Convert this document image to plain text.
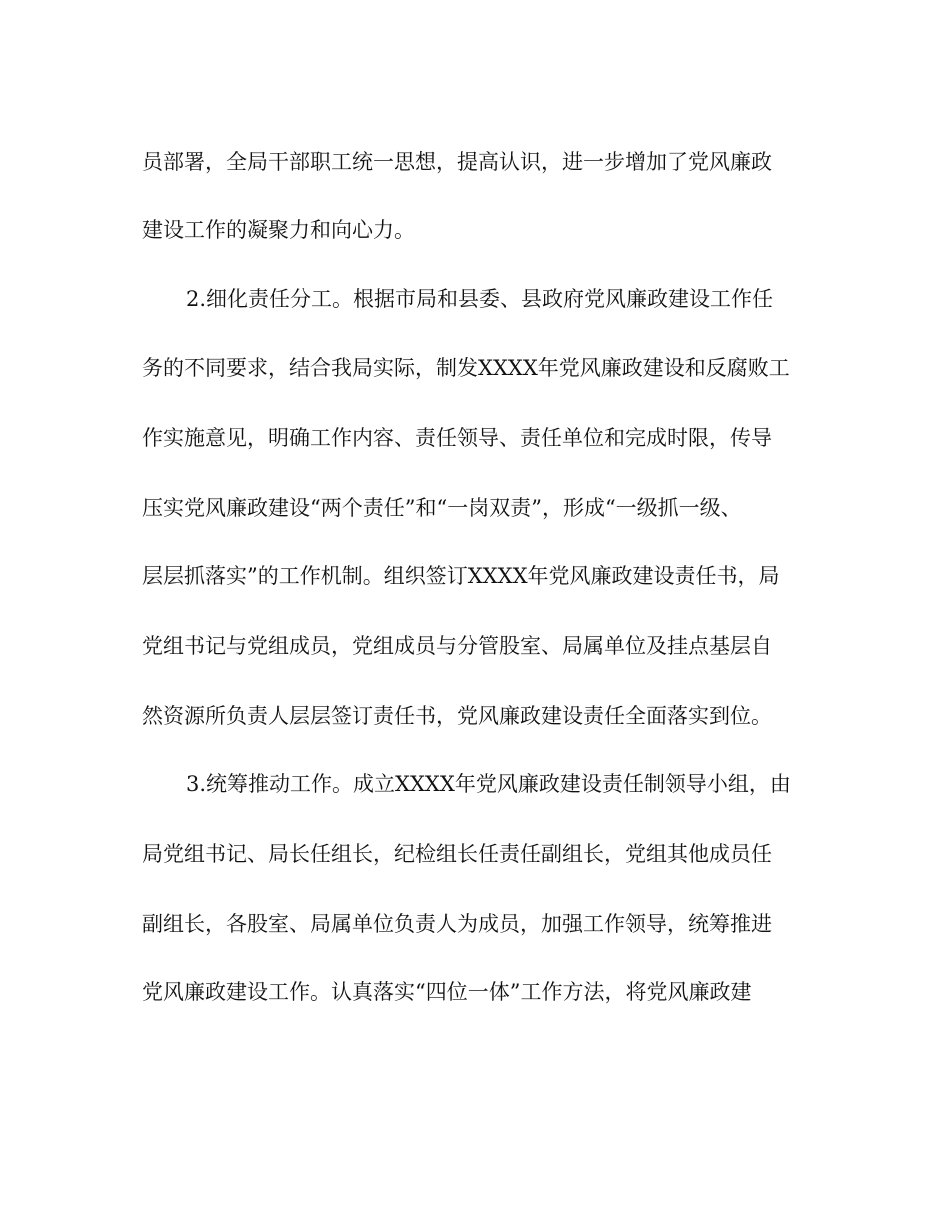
员部署，全局干部职工统一思想，提高认识，进一步增加了党风廉政
建设工作的凝聚力和向心力。
2.细化责任分工。根据市局和县委、县政府党风廉政建设工作任
务的不同要求，结合我局实际，制发XXXX年党风廉政建设和反腐败工
作实施意见，明确工作内容、责任领导、责任单位和完成时限，传导
压实党风廉政建设“两个责任”和“一岗双责”，形成“一级抓一级、
层层抓落实”的工作机制。组织签订XXXX年党风廉政建设责任书，局
党组书记与党组成员，党组成员与分管股室、局属单位及挂点基层自
然资源所负责人层层签订责任书，党风廉政建设责任全面落实到位。
3.统筹推动工作。成立XXXX年党风廉政建设责任制领导小组，由
局党组书记、局长任组长，纪检组长任责任副组长，党组其他成员任
副组长，各股室、局属单位负责人为成员，加强工作领导，统筹推进
党风廉政建设工作。认真落实“四位一体”工作方法，将党风廉政建
